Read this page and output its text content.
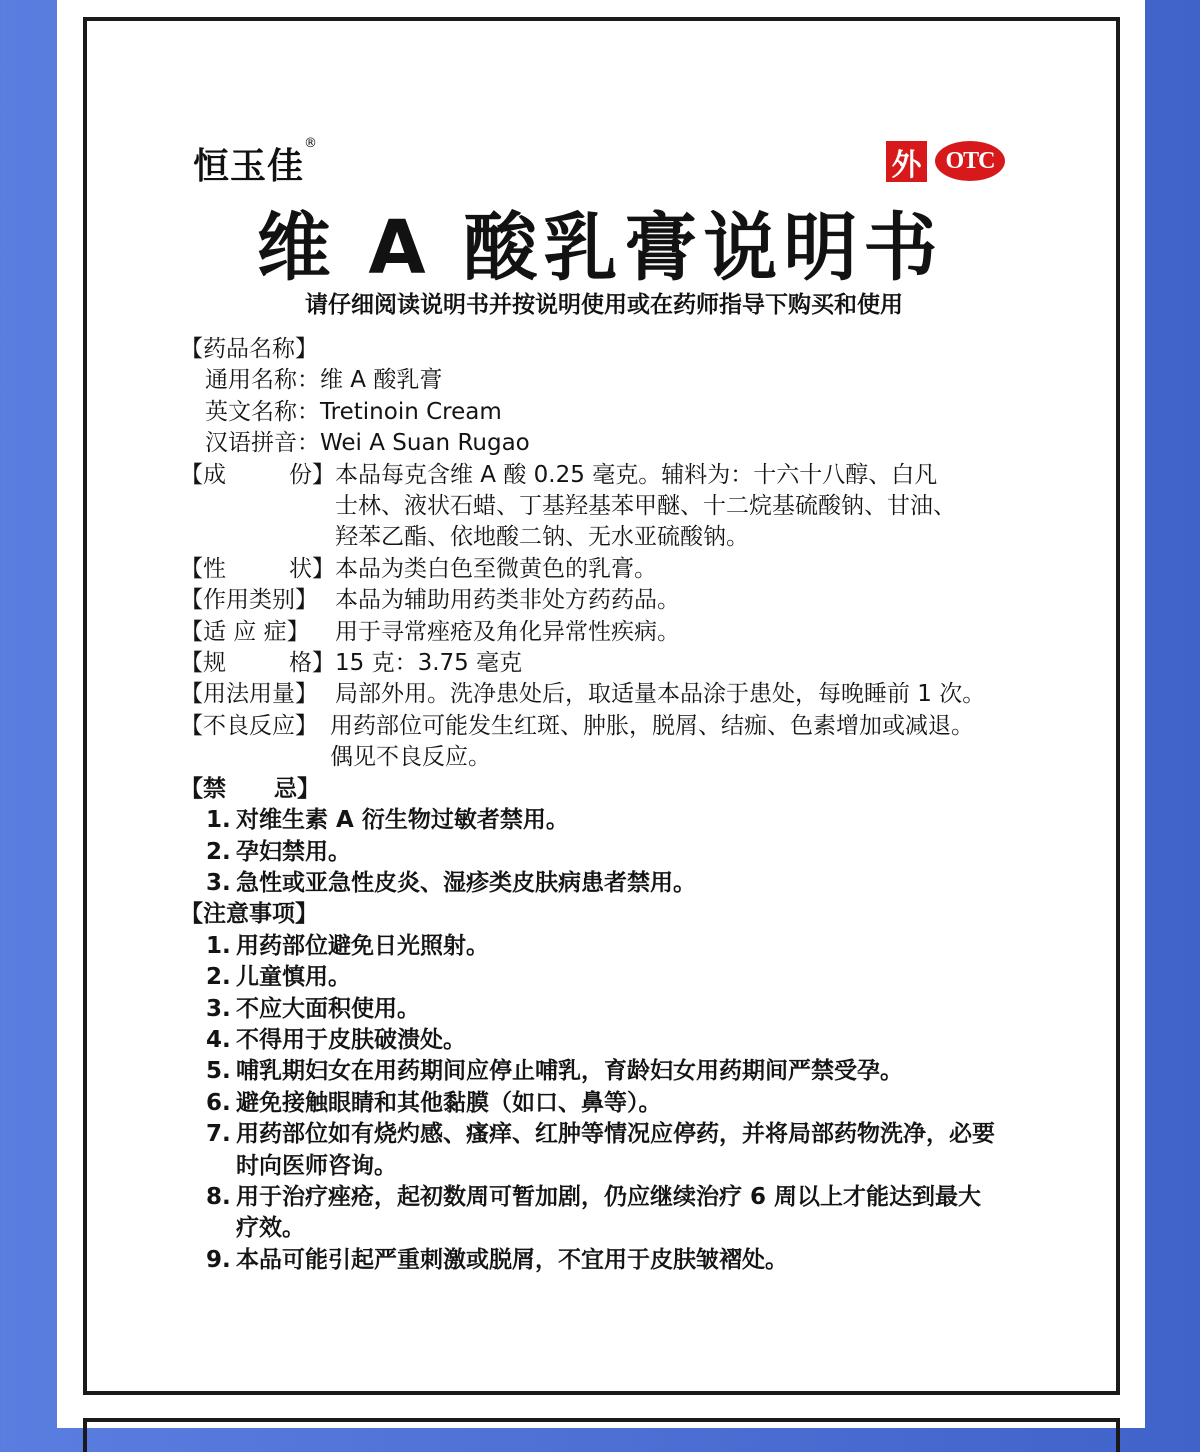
恒玉佳®
外 OTC
维 A 酸乳膏说明书
请仔细阅读说明书并按说明使用或在药师指导下购买和使用
【药品名称】
通用名称： 维 A 酸乳膏
英文名称： Tretinoin Cream
汉语拼音： Wei A Suan Rugao
【成	份】 本品每克含维 A 酸 0.25 毫克。辅料为：十六十八醇、白凡
士林、液状石蜡、丁基羟基苯甲醚、十二烷基硫酸钠、甘油、
羟苯乙酯、依地酸二钠、无水亚硫酸钠。
【性	状】 本品为类白色至微黄色的乳膏。
【作用类别】 本品为辅助用药类非处方药药品。
【适 应 症】	用于寻常痤疮及角化异常性疾病。
【规	格】 15 克：3.75 毫克
【用法用量】 局部外用。洗净患处后，取适量本品涂于患处，每晚睡前 1 次。
【不良反应】 用药部位可能发生红斑、肿胀，脱屑、结痂、色素增加或减退。
偶见不良反应。
【禁 忌】
1. 对维生素 A 衍生物过敏者禁用。
2. 孕妇禁用。
3. 急性或亚急性皮炎、湿疹类皮肤病患者禁用。
【注意事项】
1. 用药部位避免日光照射。
2. 儿童慎用。
3. 不应大面积使用。
4. 不得用于皮肤破溃处。
5. 哺乳期妇女在用药期间应停止哺乳，育龄妇女用药期间严禁受孕。
6. 避免接触眼睛和其他黏膜（如口、鼻等）。
7. 用药部位如有烧灼感、瘙痒、红肿等情况应停药，并将局部药物洗净，必要时向医师咨询。
8. 用于治疗痤疮，起初数周可暂加剧，仍应继续治疗 6 周以上才能达到最大疗效。
9. 本品可能引起严重刺激或脱屑，不宜用于皮肤皱褶处。
